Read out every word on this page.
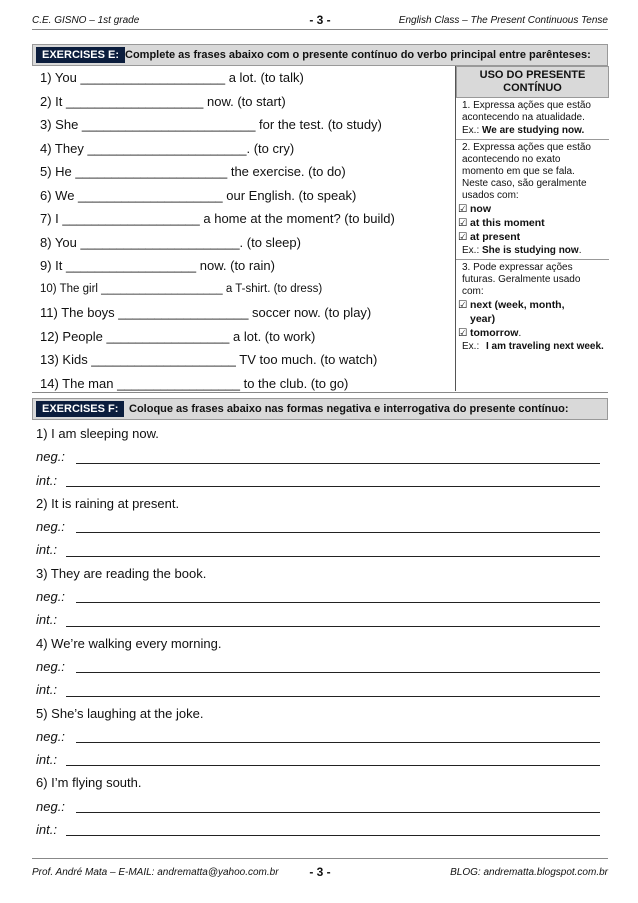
C.E. GISNO – 1st grade	- 3 -	English Class – The Present Continuous Tense
EXERCISES E: Complete as frases abaixo com o presente contínuo do verbo principal entre parênteses:
1) You ____________________ a lot. (to talk)
2) It ___________________ now. (to start)
3) She ________________________ for the test. (to study)
4) They ______________________. (to cry)
5) He _____________________ the exercise. (to do)
6) We ____________________ our English. (to speak)
7) I ___________________ a home at the moment? (to build)
8) You ______________________. (to sleep)
9) It __________________ now. (to rain)
10) The girl ___________________ a T-shirt. (to dress)
11) The boys __________________ soccer now. (to play)
12) People _________________ a lot. (to work)
13) Kids ____________________ TV too much. (to watch)
14) The man _________________ to the club. (to go)
USO DO PRESENTE CONTÍNUO
1. Expressa ações que estão acontecendo na atualidade.
Ex.: We are studying now.
2. Expressa ações que estão acontecendo no exato momento em que se fala. Neste caso, são geralmente usados com:
☑ now
☑ at this moment
☑ at present
Ex.: She is studying now.
3. Pode expressar ações futuras. Geralmente usado com:
☑ next (week, month, year)
☑ tomorrow .
Ex.: I am traveling next week.
EXERCISES F: Coloque as frases abaixo nas formas negativa e interrogativa do presente contínuo:
1) I am sleeping now.
neg.:
int.:
2) It is raining at present.
neg.:
int.:
3) They are reading the book.
neg.:
int.:
4) We’re walking every morning.
neg.:
int.:
5) She’s laughing at the joke.
neg.:
int.:
6) I’m flying south.
neg.:
int.:
Prof. André Mata – E-MAIL: andrematta@yahoo.com.br	- 3 -	BLOG: andrematta.blogspot.com.br
